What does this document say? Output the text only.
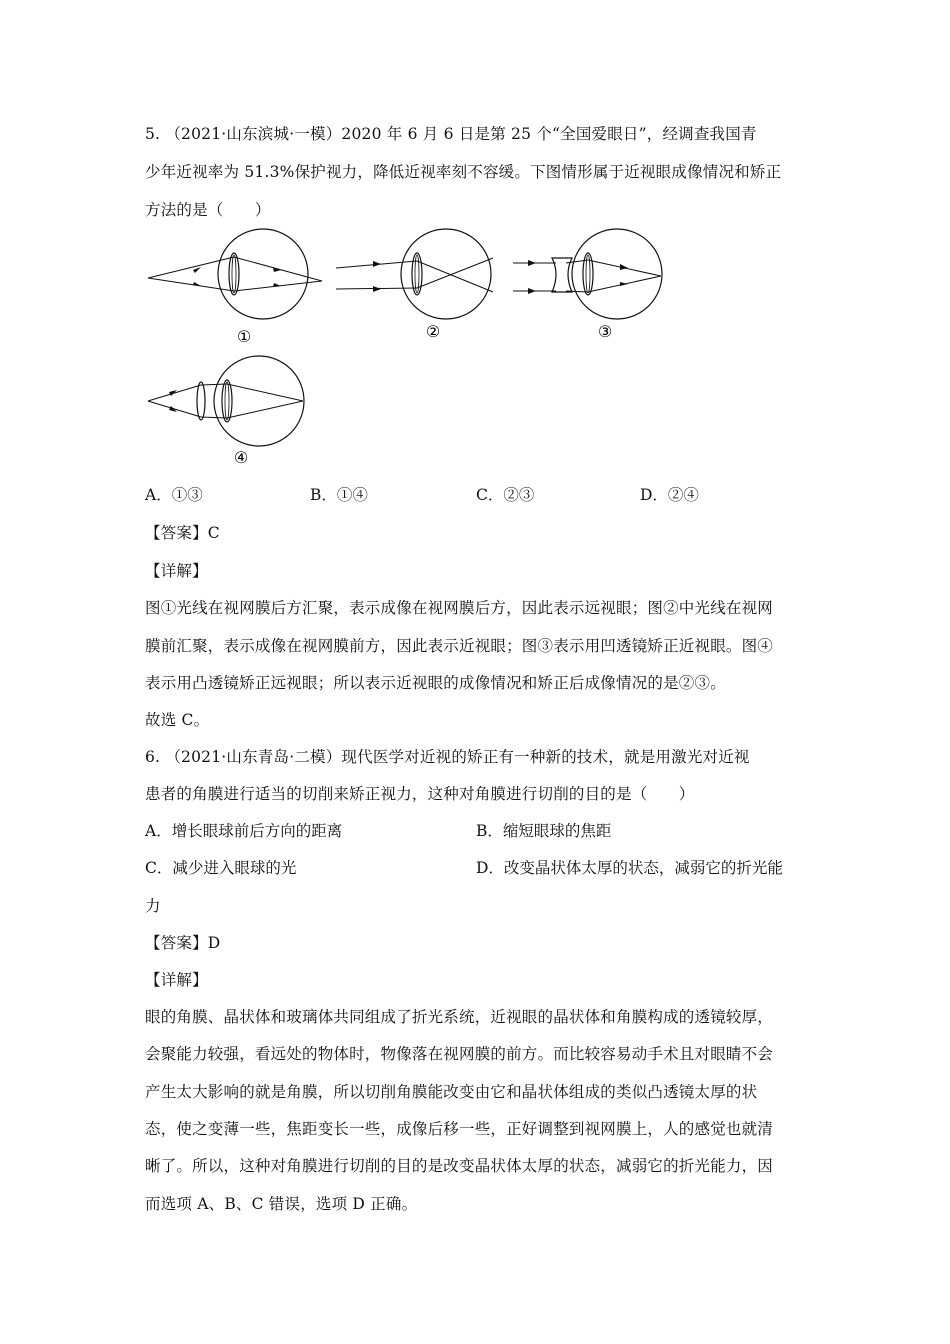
5. （2021·山东滨城·一模）2020 年 6 月 6 日是第 25 个“全国爱眼日”，经调查我国青
少年近视率为 51.3%保护视力，降低近视率刻不容缓。下图情形属于近视眼成像情况和矫正
方法的是（　　）
①	②	③
④
A．①③	B．①④	C．②③	D．②④
【答案】C
【详解】
图①光线在视网膜后方汇聚，表示成像在视网膜后方，因此表示远视眼；图②中光线在视网
膜前汇聚，表示成像在视网膜前方，因此表示近视眼；图③表示用凹透镜矫正近视眼。图④
表示用凸透镜矫正远视眼；所以表示近视眼的成像情况和矫正后成像情况的是②③。
故选 C。
6. （2021·山东青岛·二模）现代医学对近视的矫正有一种新的技术，就是用激光对近视
患者的角膜进行适当的切削来矫正视力，这种对角膜进行切削的目的是（　　）
A．增长眼球前后方向的距离	B．缩短眼球的焦距
C．减少进入眼球的光	D．改变晶状体太厚的状态，减弱它的折光能
力
【答案】D
【详解】
眼的角膜、晶状体和玻璃体共同组成了折光系统，近视眼的晶状体和角膜构成的透镜较厚，
会聚能力较强，看远处的物体时，物像落在视网膜的前方。而比较容易动手术且对眼睛不会
产生太大影响的就是角膜，所以切削角膜能改变由它和晶状体组成的类似凸透镜太厚的状
态，使之变薄一些，焦距变长一些，成像后移一些，正好调整到视网膜上，人的感觉也就清
晰了。所以，这种对角膜进行切削的目的是改变晶状体太厚的状态，减弱它的折光能力，因
而选项 A、B、C 错误，选项 D 正确。
